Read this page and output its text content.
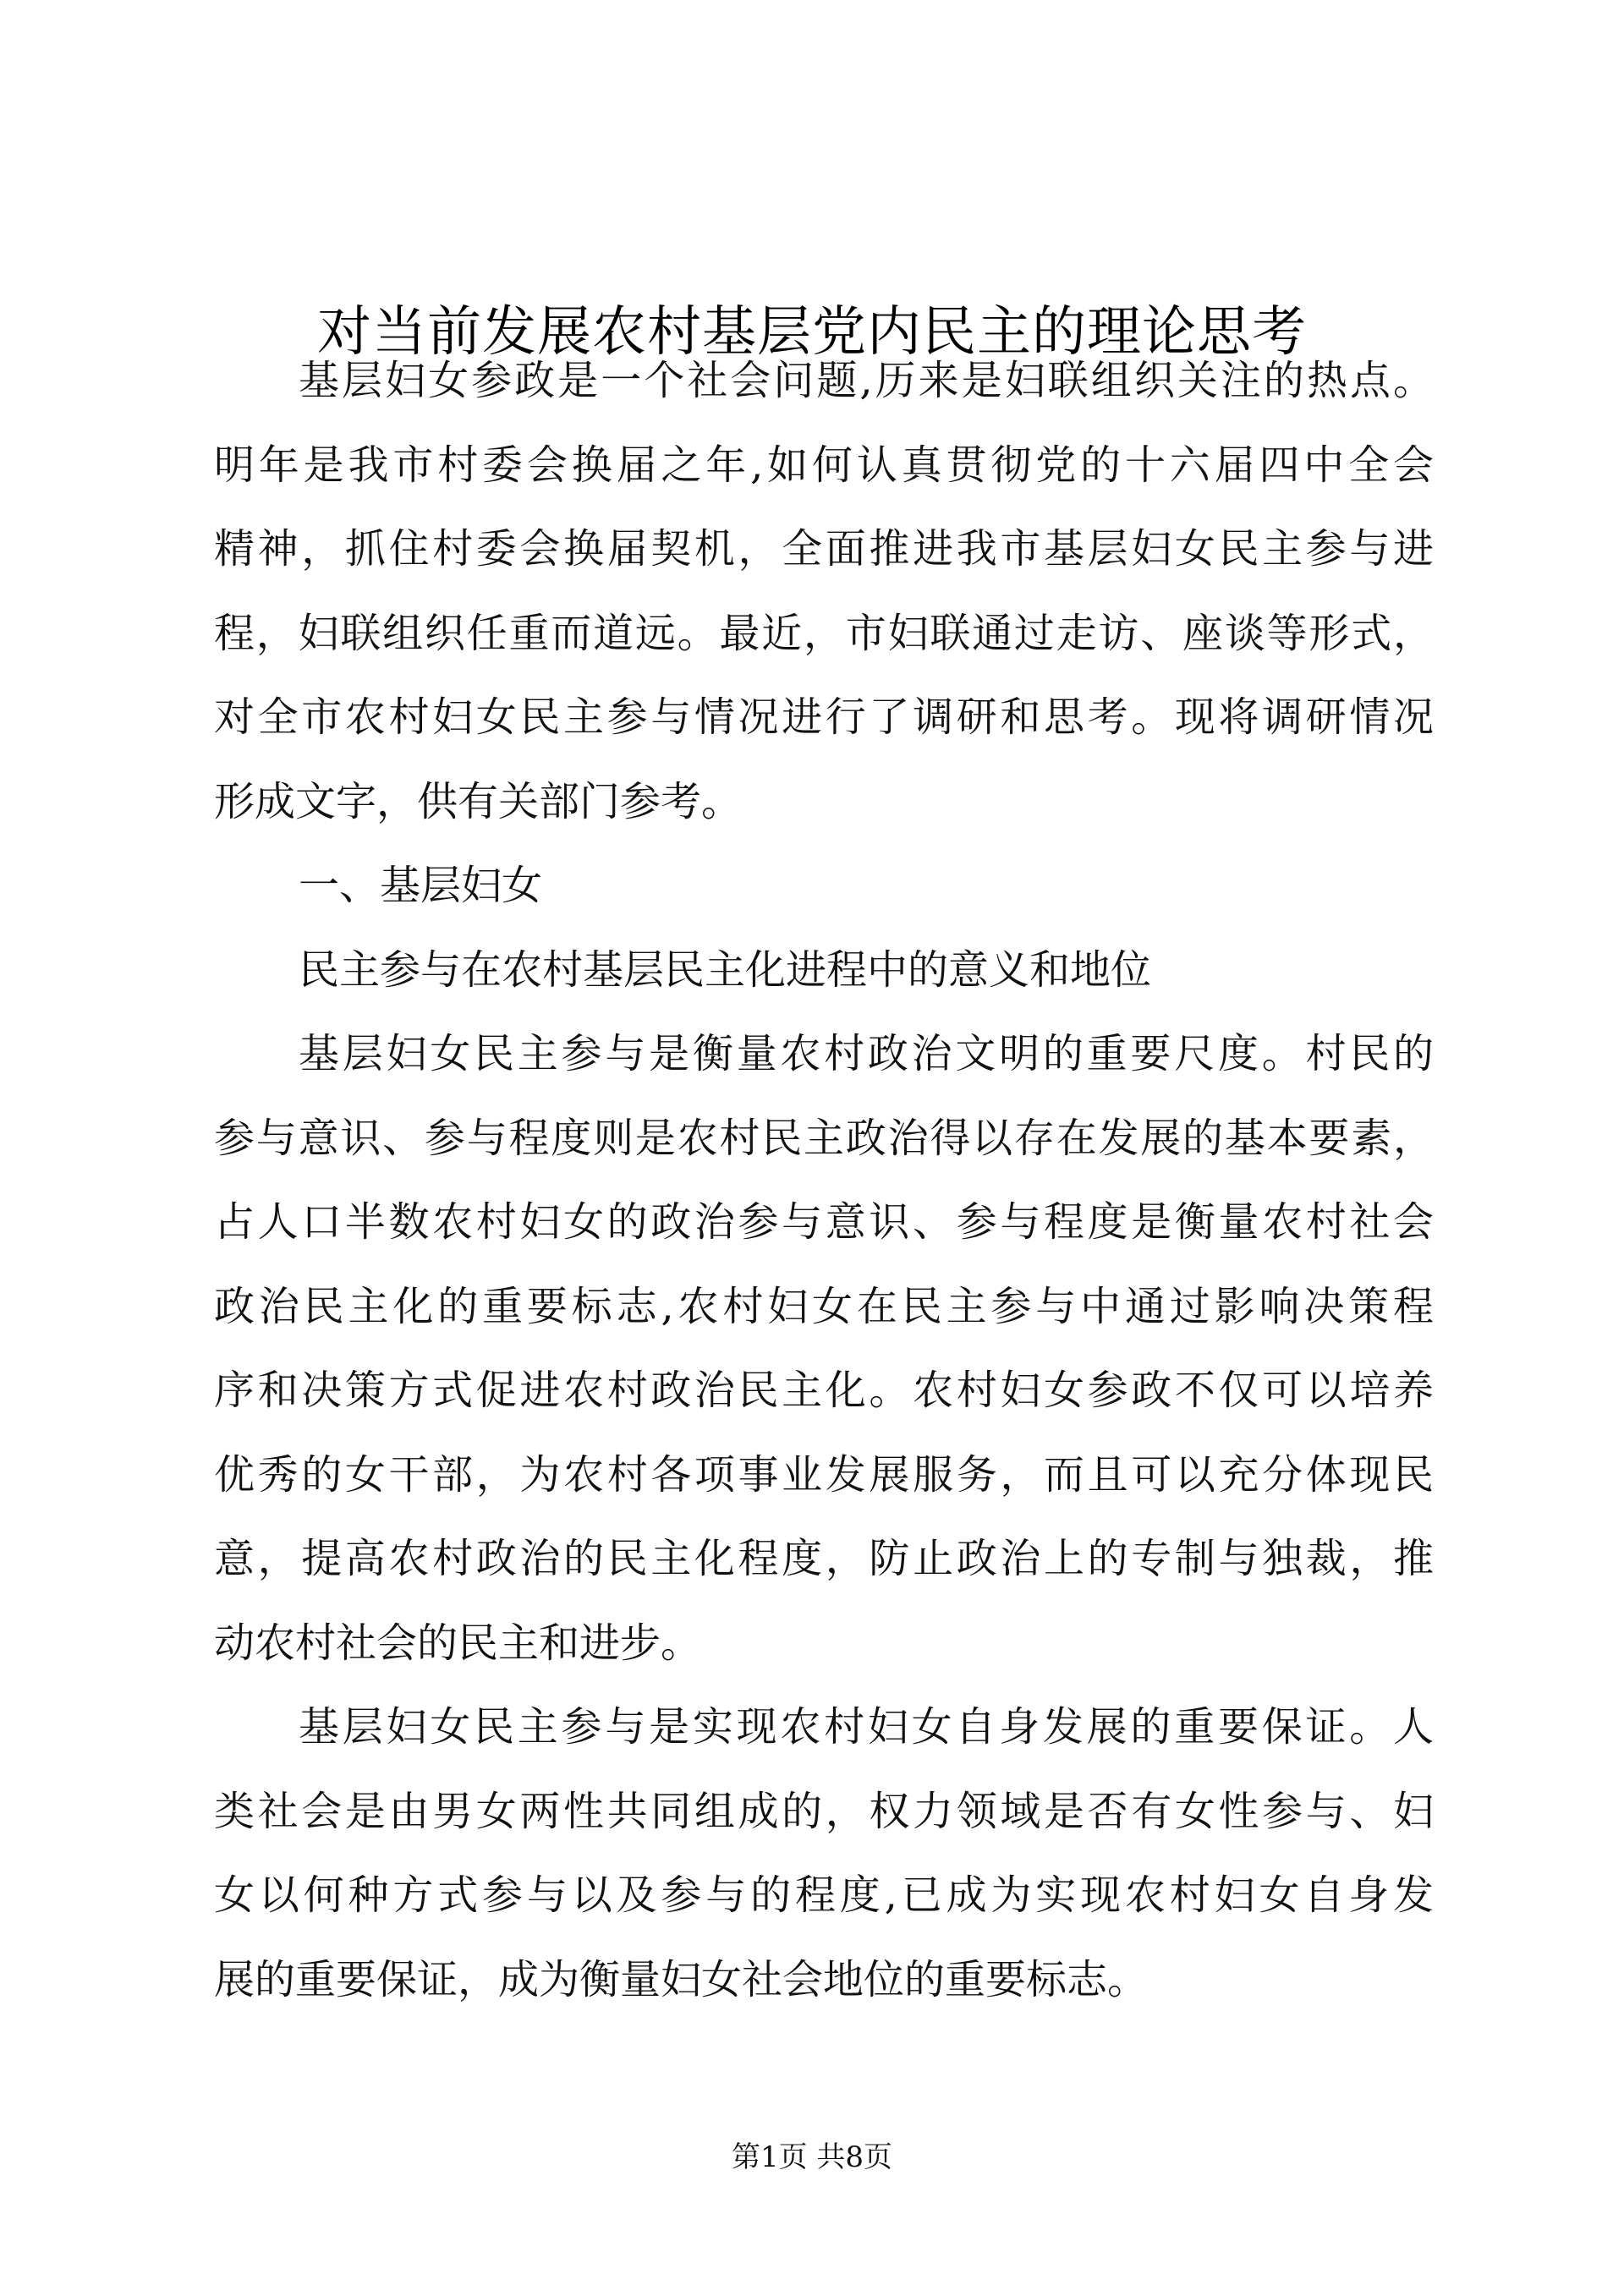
对当前发展农村基层党内民主的理论思考
基层妇女参政是一个社会问题,历来是妇联组织关注的热点。
明年是我市村委会换届之年,如何认真贯彻党的十六届四中全会
精神，抓住村委会换届契机，全面推进我市基层妇女民主参与进
程，妇联组织任重而道远。最近，市妇联通过走访、座谈等形式，
对全市农村妇女民主参与情况进行了调研和思考。现将调研情况
形成文字，供有关部门参考。
一、基层妇女
民主参与在农村基层民主化进程中的意义和地位
基层妇女民主参与是衡量农村政治文明的重要尺度。村民的
参与意识、参与程度则是农村民主政治得以存在发展的基本要素，
占人口半数农村妇女的政治参与意识、参与程度是衡量农村社会
政治民主化的重要标志,农村妇女在民主参与中通过影响决策程
序和决策方式促进农村政治民主化。农村妇女参政不仅可以培养
优秀的女干部，为农村各项事业发展服务，而且可以充分体现民
意，提高农村政治的民主化程度，防止政治上的专制与独裁，推
动农村社会的民主和进步。
基层妇女民主参与是实现农村妇女自身发展的重要保证。人
类社会是由男女两性共同组成的，权力领域是否有女性参与、妇
女以何种方式参与以及参与的程度,已成为实现农村妇女自身发
展的重要保证，成为衡量妇女社会地位的重要标志。
第1页 共8页
